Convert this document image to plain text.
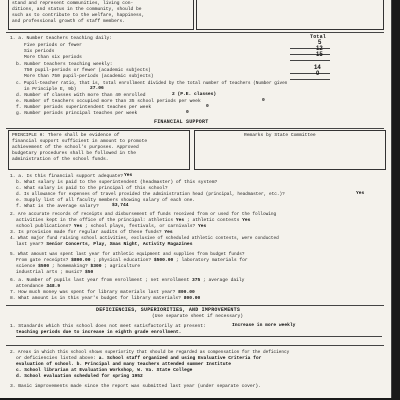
stand and represent communities, living con-
ditions, and status in the community, should be
such as to contribute to the welfare, happiness,
and professional growth of staff members.
1. a. Number teachers teaching daily:	Total
Five periods or fewer	5
Six periods	12
More than six periods	15
b. Number teachers teaching weekly:
750 pupil-periods or fewer (academic subjects)	14
More than 750 pupil-periods (academic subjects)	0
c. Pupil-teacher ratio, that is, total enrollment divided by the total number of teachers (Number given
in Principle E, 9b)	27.06
d. Number of classes with more than 40 enrolled	2 (P.E. classes)
e. Number of teachers occupied more than 35 school periods per week	0
f. Number periods superintendent teaches per week	0
g. Number periods principal teaches per week	0
FINANCIAL SUPPORT
PRINCIPLE H: There shall be evidence of
financial support sufficient in amount to promote
achievement of the school's purposes. Approved
budgetary procedures shall be followed in the
administration of the school funds.
Remarks by State Committee
1. a. Is this financial support adequate? Yes
b. What salary is paid to the superintendent (headmaster) of this system?
c. What salary is paid to the principal of this school?
d. Is allowance for expenses of travel provided the administration head (principal, headmaster, etc.)?	Yes
e. Supply list of all faculty members showing salary of each one.
f. What is the average salary?	$3,744
2. Are accurate records of receipts and disbursement of funds received from or used for the following
activities kept in the office of the principal: athletics Yes ; athletic contests Yes
school publications? Yes ; school plays, festivals, or carnivals? Yes
3. Is provision made for regular audits of these funds? Yes
4. What major fund raising school activities, exclusive of scheduled athletic contests, were conducted
last year? Senior Concerts, Play, Xmas Night, Activity Magazines
5. What amount was spent last year for athletic equipment and supplies from budget funds?
From gate receipts? $800.00 ; physical education? $500.00 ; laboratory materials for
science $500 ; homemaking? $300 ; agriculture
industrial arts ; music? $50
6. a. Number of pupils last year from enrollment ; net enrollment 375 ; average daily
attendance 348.9
7. How much money was spent for library materials last year? 800.00
8. What amount is in this year's budget for library materials? 800.00
DEFICIENCIES, SUPERIORITIES, AND IMPROVEMENTS
(Use separate sheet if necessary)
1. Standards which this school does not meet satisfactorily at present:	Increase in more weekly
teaching periods due to increase in eighth grade enrollment.
2. Areas in which this school shows superiority that should be regarded as compensation for the deficiency
or deficiencies listed above: a. School staff organized and using Evaluative Criteria for
evaluation of school. b. Principal and many teachers attended summer Institute
c. School librarian at Evaluation Workshop, W. Va. State College
d. School evaluation scheduled for spring 1952
3. Basic improvements made since the report was submitted last year (under separate cover).
